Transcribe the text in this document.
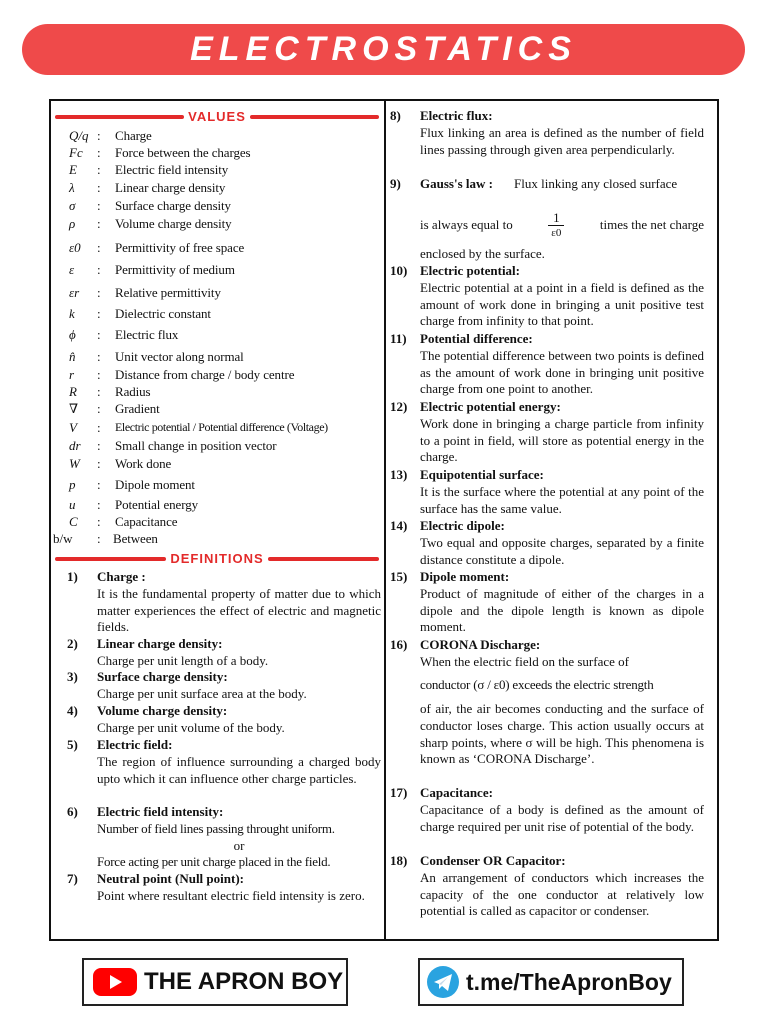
ELECTROSTATICS
VALUES
Q/q :	Charge
Fc	:	Force between the charges
E	:	Electric field intensity
λ	:	Linear charge density
σ	:	Surface charge density
ρ	:	Volume charge density
ε0	:	Permittivity of free space
ε	:	Permittivity of medium
εr	:	Relative permittivity
k	:	Dielectric constant
ϕ	:	Electric flux
n̂	:	Unit vector along normal
r	:	Distance from charge / body centre
R	:	Radius
∇	:	Gradient
V	:	Electric potential / Potential difference (Voltage)
dr⃗ :	Small change in position vector
W	:	Work done
p⃗ :	Dipole moment
u	:	Potential energy
C	:	Capacitance
b/w	: Between
DEFINITIONS
1) Charge :
It is the fundamental property of matter due to which matter experiences the effect of electric and magnetic fields.
2) Linear charge density:
Charge per unit length of a body.
3) Surface charge density:
Charge per unit surface area at the body.
4) Volume charge density:
Charge per unit volume of the body.
5) Electric field:
The region of influence surrounding a charged body upto which it can influence other charge particles.
6) Electric field intensity:
Number of field lines passing throught uniform.
or
Force acting per unit charge placed in the field.
7) Neutral point (Null point):
Point where resultant electric field intensity is zero.
8) Electric flux:
Flux linking an area is defined as the number of field lines passing through given area perpendicularly.
9) Gauss's law : Flux linking any closed surface
is always equal to	1
ε0
times the net charge
enclosed by the surface.
10) Electric potential:
Electric potential at a point in a field is defined as the amount of work done in bringing a unit positive test charge from infinity to that point.
11) Potential difference:
The potential difference between two points is defined as the amount of work done in bringing unit positive charge from one point to another.
12) Electric potential energy:
Work done in bringing a charge particle from infinity to a point in field, will store as potential energy in the charge.
13) Equipotential surface:
It is the surface where the potential at any point of the surface has the same value.
14) Electric dipole:
Two equal and opposite charges, separated by a finite distance constitute a dipole.
15) Dipole moment:
Product of magnitude of either of the charges in a dipole and the dipole length is known as dipole moment.
16) CORONA Discharge:
When the electric field on the surface of
conductor (σ / ε0) exceeds the electric strength
of air, the air becomes conducting and the surface of conductor loses charge. This action usually occurs at sharp points, where σ will be high. This phenomena is known as ‘CORONA Discharge’.
17) Capacitance:
Capacitance of a body is defined as the amount of charge required per unit rise of potential of the body.
18) Condenser OR Capacitor:
An arrangement of conductors which increases the capacity of the one conductor at relatively low potential is called as capacitor or condenser.
THE APRON BOY	t.me/TheApronBoy
